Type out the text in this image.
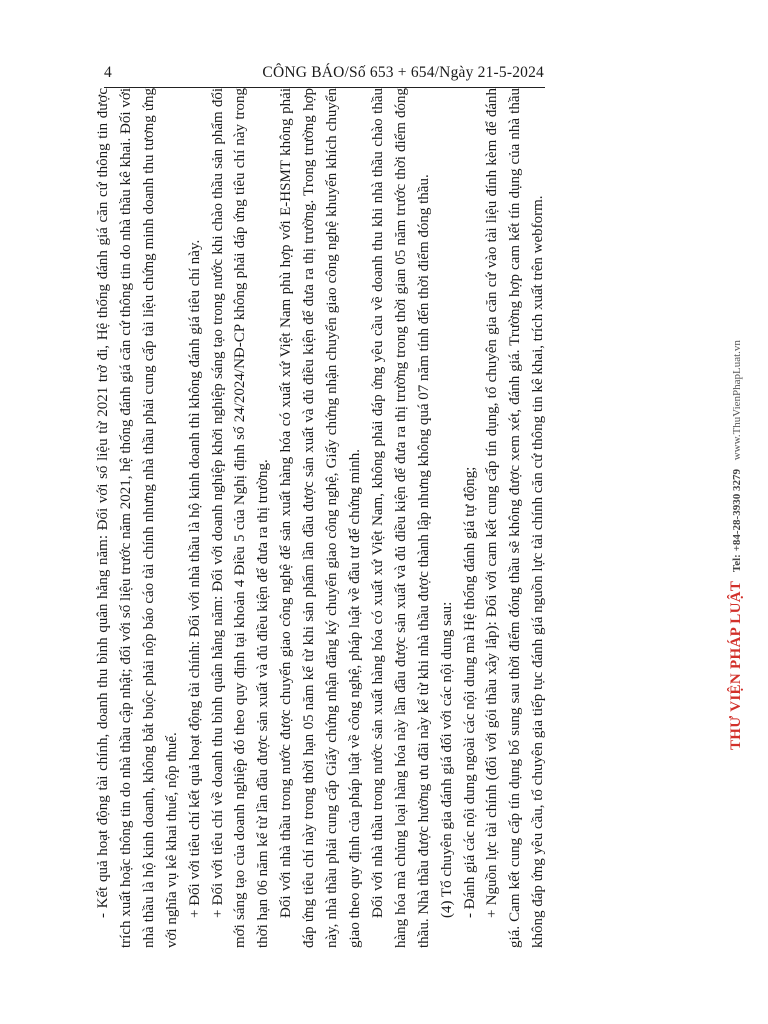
4	CÔNG BÁO/Số 653 + 654/Ngày 21-5-2024

- Kết quả hoạt động tài chính, doanh thu bình quân hằng năm: Đối với số liệu từ 2021 trở đi, Hệ thống đánh giá căn cứ thông tin được trích xuất hoặc thông tin do nhà thầu cập nhật; đối với số liệu trước năm 2021, hệ thống đánh giá căn cứ thông tin do nhà thầu kê khai. Đối với nhà thầu là hộ kinh doanh, không bắt buộc phải nộp báo cáo tài chính nhưng nhà thầu phải cung cấp tài liệu chứng minh doanh thu tương ứng với nghĩa vụ kê khai thuế, nộp thuế. + Đối với tiêu chí kết quả hoạt động tài chính: Đối với nhà thầu là hộ kinh doanh thì không đánh giá tiêu chí này. + Đối với tiêu chí về doanh thu bình quân hằng năm: Đối với doanh nghiệp khởi nghiệp sáng tạo trong nước khi chào thầu sản phẩm đổi mới sáng tạo của doanh nghiệp đó theo quy định tại khoản 4 Điều 5 của Nghị định số 24/2024/NĐ-CP không phải đáp ứng tiêu chí này trong thời hạn 06 năm kể từ lần đầu được sản xuất và đủ điều kiện để đưa ra thị trường. Đối với nhà thầu trong nước được chuyển giao công nghệ để sản xuất hàng hóa có xuất xứ Việt Nam phù hợp với E-HSMT không phải đáp ứng tiêu chí này trong thời hạn 05 năm kể từ khi sản phẩm lần đầu được sản xuất và đủ điều kiện để đưa ra thị trường. Trong trường hợp này, nhà thầu phải cung cấp Giấy chứng nhận đăng ký chuyển giao công nghệ, Giấy chứng nhận chuyển giao công nghệ khuyến khích chuyển giao theo quy định của pháp luật về công nghệ, pháp luật về đầu tư để chứng minh. Đối với nhà thầu trong nước sản xuất hàng hóa có xuất xứ Việt Nam, không phải đáp ứng yêu cầu về doanh thu khi nhà thầu chào thầu hàng hóa mà chủng loại hàng hóa này lần đầu được sản xuất và đủ điều kiện để đưa ra thị trường trong thời gian 05 năm trước thời điểm đóng thầu. Nhà thầu được hưởng ưu đãi này kể từ khi nhà thầu được thành lập nhưng không quá 07 năm tính đến thời điểm đóng thầu. (4) Tổ chuyên gia đánh giá đối với các nội dung sau: - Đánh giá các nội dung ngoài các nội dung mà Hệ thống đánh giá tự động; + Nguồn lực tài chính (đối với gói thầu xây lắp): Đối với cam kết cung cấp tín dụng, tổ chuyên gia căn cứ vào tài liệu đính kèm để đánh giá. Cam kết cung cấp tín dụng bổ sung sau thời điểm đóng thầu sẽ không được xem xét, đánh giá. Trường hợp cam kết tín dụng của nhà thầu không đáp ứng yêu cầu, tổ chuyên gia tiếp tục đánh giá nguồn lực tài chính căn cứ thông tin kê khai, trích xuất trên webform.	THƯ VIỆN PHÁP LUẬT Tel: +84-28-3930 3279 www.ThuVienPhapLuat.vn
